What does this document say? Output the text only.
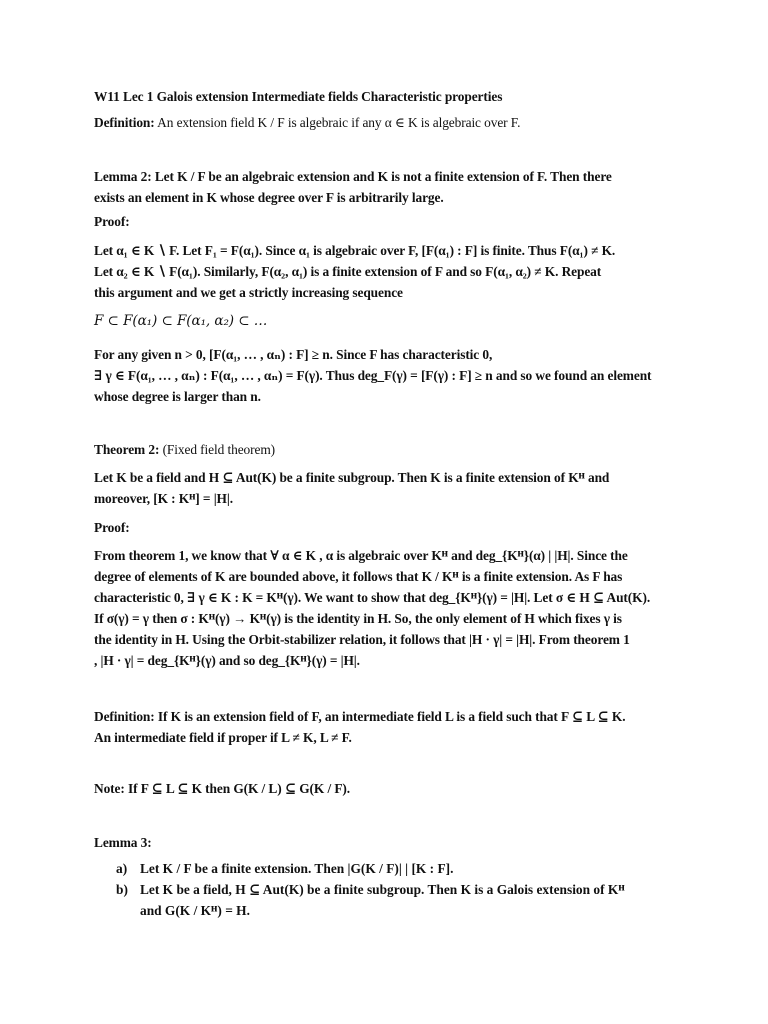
W11 Lec 1 Galois extension Intermediate fields Characteristic properties
Definition: An extension field K / F is algebraic if any α ∈ K is algebraic over F.
Lemma 2: Let K / F be an algebraic extension and K is not a finite extension of F. Then there
exists an element in K whose degree over F is arbitrarily large.
Proof:
Let α₁ ∈ K ∖ F. Let F₁ = F(α₁). Since α₁ is algebraic over F, [F(α₁) : F] is finite. Thus F(α₁) ≠ K.
Let α₂ ∈ K ∖ F(α₁). Similarly, F(α₂, α₁) is a finite extension of F and so F(α₁, α₂) ≠ K. Repeat
this argument and we get a strictly increasing sequence
F ⊂ F(α₁) ⊂ F(α₁, α₂) ⊂ …
For any given n > 0, [F(α₁, … , αₙ) : F] ≥ n. Since F has characteristic 0,
∃ γ ∈ F(α₁, … , αₙ) : F(α₁, … , αₙ) = F(γ). Thus deg_F(γ) = [F(γ) : F] ≥ n and so we found an element
whose degree is larger than n.
Theorem 2: (Fixed field theorem)
Let K be a field and H ⊆ Aut(K) be a finite subgroup. Then K is a finite extension of Kᴴ and
moreover, [K : Kᴴ] = |H|.
Proof:
From theorem 1, we know that ∀ α ∈ K , α is algebraic over Kᴴ and deg_{Kᴴ}(α) | |H|. Since the
degree of elements of K are bounded above, it follows that K / Kᴴ is a finite extension. As F has
characteristic 0, ∃ γ ∈ K : K = Kᴴ(γ). We want to show that deg_{Kᴴ}(γ) = |H|. Let σ ∈ H ⊆ Aut(K).
If σ(γ) = γ then σ : Kᴴ(γ) → Kᴴ(γ) is the identity in H. So, the only element of H which fixes γ is
the identity in H. Using the Orbit-stabilizer relation, it follows that |H · γ| = |H|. From theorem 1
, |H · γ| = deg_{Kᴴ}(γ) and so deg_{Kᴴ}(γ) = |H|.
Definition: If K is an extension field of F, an intermediate field L is a field such that F ⊆ L ⊆ K.
An intermediate field if proper if L ≠ K, L ≠ F.
Note: If F ⊆ L ⊆ K then G(K / L) ⊆ G(K / F).
Lemma 3:
a) Let K / F be a finite extension. Then |G(K / F)| | [K : F].
b) Let K be a field, H ⊆ Aut(K) be a finite subgroup. Then K is a Galois extension of Kᴴ
and G(K / Kᴴ) = H.
